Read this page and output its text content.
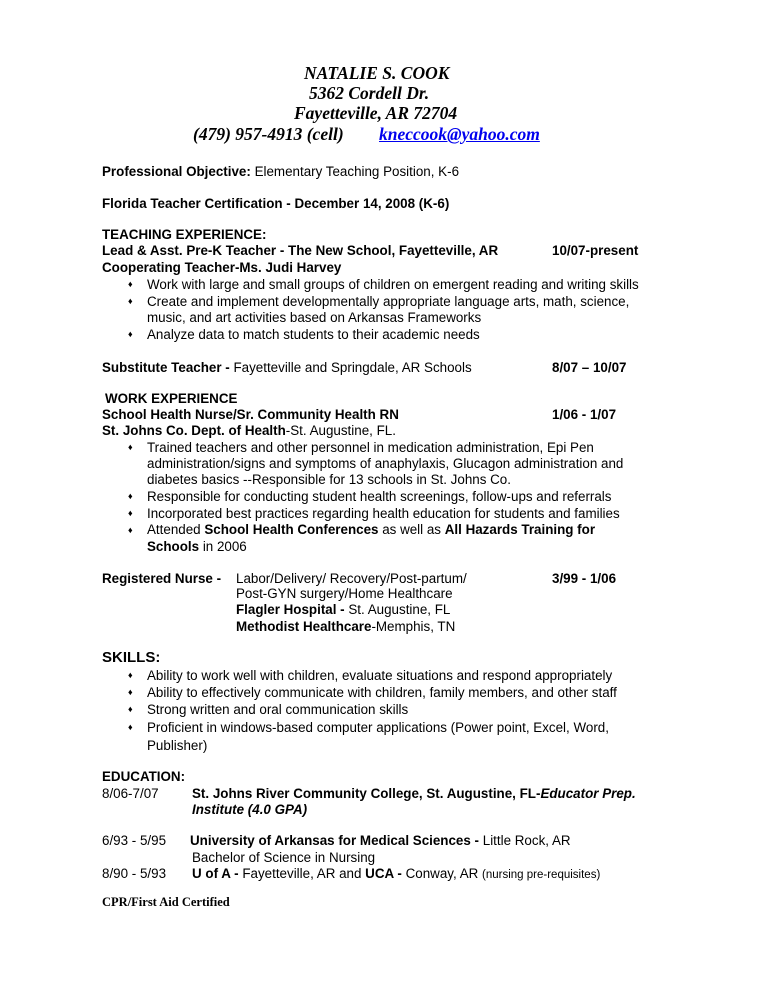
NATALIE S. COOK
5362 Cordell Dr.
Fayetteville, AR 72704
(479) 957-4913 (cell) kneccook@yahoo.com
Professional Objective: Elementary Teaching Position, K-6
Florida Teacher Certification - December 14, 2008 (K-6)
TEACHING EXPERIENCE:
Lead & Asst. Pre-K Teacher - The New School, Fayetteville, AR	10/07-present
Cooperating Teacher-Ms. Judi Harvey
♦ Work with large and small groups of children on emergent reading and writing skills
♦ Create and implement developmentally appropriate language arts, math, science,
music, and art activities based on Arkansas Frameworks
♦ Analyze data to match students to their academic needs
Substitute Teacher - Fayetteville and Springdale, AR Schools	8/07 – 10/07
WORK EXPERIENCE
School Health Nurse/Sr. Community Health RN	1/06 - 1/07
St. Johns Co. Dept. of Health-St. Augustine, FL.
♦ Trained teachers and other personnel in medication administration, Epi Pen
administration/signs and symptoms of anaphylaxis, Glucagon administration and
diabetes basics --Responsible for 13 schools in St. Johns Co.
♦ Responsible for conducting student health screenings, follow-ups and referrals
♦ Incorporated best practices regarding health education for students and families
♦ Attended School Health Conferences as well as All Hazards Training for
Schools in 2006
Registered Nurse - Labor/Delivery/ Recovery/Post-partum/	3/99 - 1/06
Post-GYN surgery/Home Healthcare
Flagler Hospital - St. Augustine, FL
Methodist Healthcare-Memphis, TN
SKILLS:
♦ Ability to work well with children, evaluate situations and respond appropriately
♦ Ability to effectively communicate with children, family members, and other staff
♦ Strong written and oral communication skills
♦ Proficient in windows-based computer applications (Power point, Excel, Word,
Publisher)
EDUCATION:
8/06-7/07 St. Johns River Community College, St. Augustine, FL-Educator Prep.
Institute (4.0 GPA)
6/93 - 5/95 University of Arkansas for Medical Sciences - Little Rock, AR
Bachelor of Science in Nursing
8/90 - 5/93 U of A - Fayetteville, AR and UCA - Conway, AR (nursing pre-requisites)
CPR/First Aid Certified
